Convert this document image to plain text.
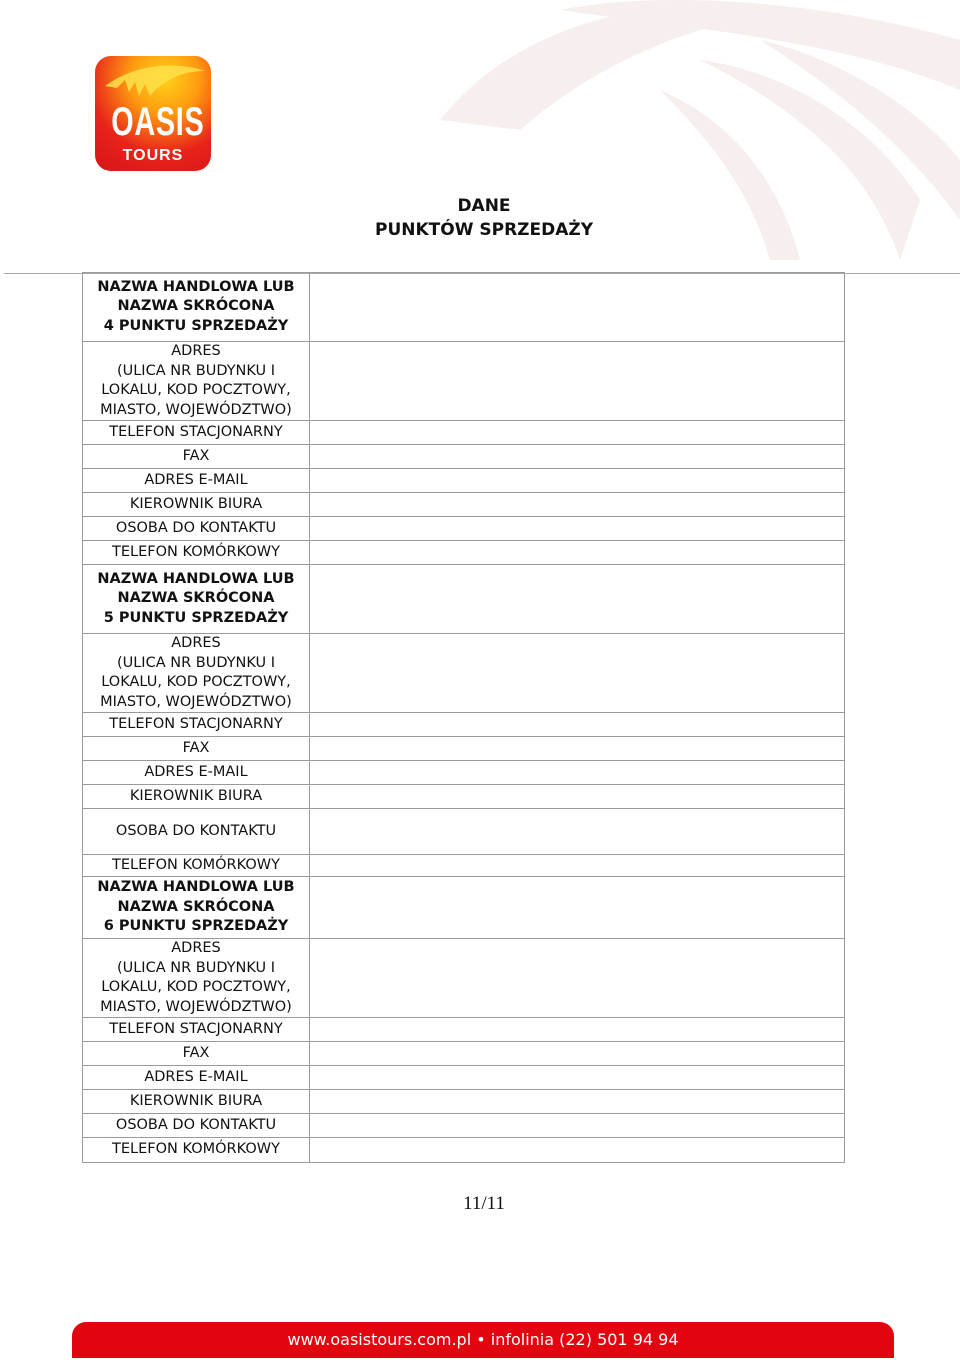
OASIS
TOURS
DANE
PUNKTÓW SPRZEDAŻY
NAZWA HANDLOWA LUB
NAZWA SKRÓCONA
4 PUNKTU SPRZEDAŻY	
ADRES
(ULICA NR BUDYNKU I
LOKALU, KOD POCZTOWY,
MIASTO, WOJEWÓDZTWO)	
TELEFON STACJONARNY	
FAX	
ADRES E-MAIL	
KIEROWNIK BIURA	
OSOBA DO KONTAKTU	
TELEFON KOMÓRKOWY	
NAZWA HANDLOWA LUB
NAZWA SKRÓCONA
5 PUNKTU SPRZEDAŻY	
ADRES
(ULICA NR BUDYNKU I
LOKALU, KOD POCZTOWY,
MIASTO, WOJEWÓDZTWO)	
TELEFON STACJONARNY	
FAX	
ADRES E-MAIL	
KIEROWNIK BIURA	
OSOBA DO KONTAKTU	
TELEFON KOMÓRKOWY	
NAZWA HANDLOWA LUB
NAZWA SKRÓCONA
6 PUNKTU SPRZEDAŻY	
ADRES
(ULICA NR BUDYNKU I
LOKALU, KOD POCZTOWY,
MIASTO, WOJEWÓDZTWO)	
TELEFON STACJONARNY	
FAX	
ADRES E-MAIL	
KIEROWNIK BIURA	
OSOBA DO KONTAKTU	
TELEFON KOMÓRKOWY	
11/11
www.oasistours.com.pl • infolinia (22) 501 94 94
